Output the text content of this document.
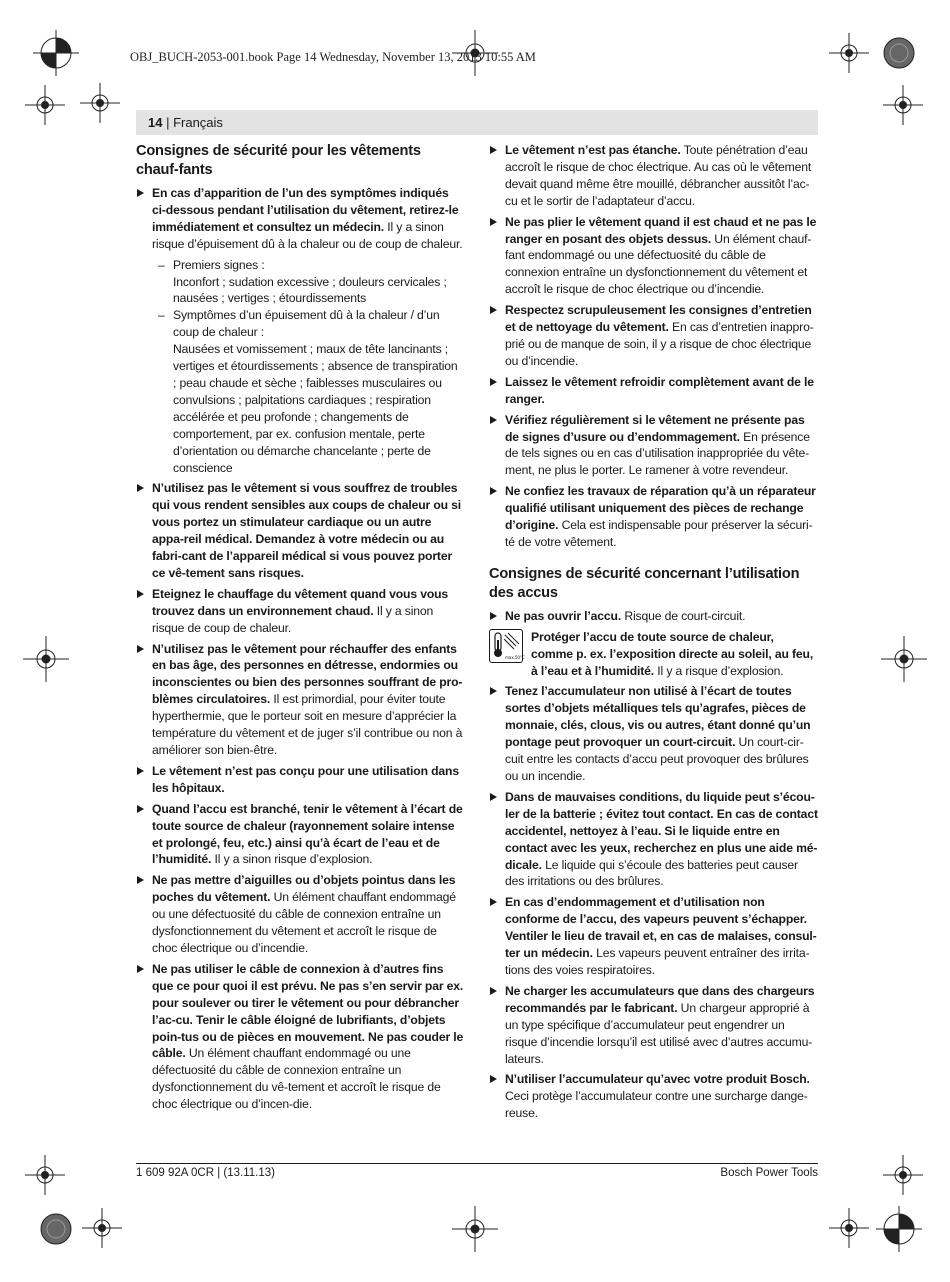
OBJ_BUCH-2053-001.book Page 14 Wednesday, November 13, 2013 10:55 AM
14 | Français
Consignes de sécurité pour les vêtements chauf-fants
En cas d’apparition de l’un des symptômes indiqués ci-dessous pendant l’utilisation du vêtement, retirez-le immédiatement et consultez un médecin. Il y a sinon risque d’épuisement dû à la chaleur ou de coup de chaleur.
– Premiers signes :
Inconfort ; sudation excessive ; douleurs cervicales ; nausées ; vertiges ; étourdissements
– Symptômes d’un épuisement dû à la chaleur / d’un coup de chaleur :
Nausées et vomissement ; maux de tête lancinants ; vertiges et étourdissements ; absence de transpiration ; peau chaude et sèche ; faiblesses musculaires ou convulsions ; palpitations cardiaques ; respiration accélérée et peu profonde ; changements de comportement, par ex. confusion mentale, perte d’orientation ou démarche chancelante ; perte de conscience
N’utilisez pas le vêtement si vous souffrez de troubles qui vous rendent sensibles aux coups de chaleur ou si vous portez un stimulateur cardiaque ou un autre appa-reil médical. Demandez à votre médecin ou au fabri-cant de l’appareil médical si vous pouvez porter ce vê-tement sans risques.
Eteignez le chauffage du vêtement quand vous vous trouvez dans un environnement chaud. Il y a sinon risque de coup de chaleur.
N’utilisez pas le vêtement pour réchauffer des enfants en bas âge, des personnes en détresse, endormies ou inconscientes ou bien des personnes souffrant de pro-blèmes circulatoires. Il est primordial, pour éviter toute hyperthermie, que le porteur soit en mesure d’apprécier la température du vêtement et de juger s’il contribue ou non à améliorer son bien-être.
Le vêtement n’est pas conçu pour une utilisation dans les hôpitaux.
Quand l’accu est branché, tenir le vêtement à l’écart de toute source de chaleur (rayonnement solaire intense et prolongé, feu, etc.) ainsi qu’à écart de l’eau et de l’humidité. Il y a sinon risque d’explosion.
Ne pas mettre d’aiguilles ou d’objets pointus dans les poches du vêtement. Un élément chauffant endommagé ou une défectuosité du câble de connexion entraîne un dysfonctionnement du vêtement et accroît le risque de choc électrique ou d’incendie.
Ne pas utiliser le câble de connexion à d’autres fins que ce pour quoi il est prévu. Ne pas s’en servir par ex. pour soulever ou tirer le vêtement ou pour débrancher l’ac-cu. Tenir le câble éloigné de lubrifiants, d’objets poin-tus ou de pièces en mouvement. Ne pas couder le câble. Un élément chauffant endommagé ou une défectuosité du câble de connexion entraîne un dysfonctionnement du vê-tement et accroît le risque de choc électrique ou d’incen-die.
Le vêtement n’est pas étanche. Toute pénétration d’eau accroît le risque de choc électrique. Au cas où le vêtement devait quand même être mouillé, débrancher aussitôt l’ac-cu et le sortir de l’adaptateur d’accu.
Ne pas plier le vêtement quand il est chaud et ne pas le ranger en posant des objets dessus. Un élément chauf-fant endommagé ou une défectuosité du câble de connexion entraîne un dysfonctionnement du vêtement et accroît le risque de choc électrique ou d’incendie.
Respectez scrupuleusement les consignes d’entretien et de nettoyage du vêtement. En cas d’entretien inappro-prié ou de manque de soin, il y a risque de choc électrique ou d’incendie.
Laissez le vêtement refroidir complètement avant de le ranger.
Vérifiez régulièrement si le vêtement ne présente pas de signes d’usure ou d’endommagement. En présence de tels signes ou en cas d’utilisation inappropriée du vête-ment, ne plus le porter. Le ramener à votre revendeur.
Ne confiez les travaux de réparation qu’à un réparateur qualifié utilisant uniquement des pièces de rechange d’origine. Cela est indispensable pour préserver la sécuri-té de votre vêtement.
Consignes de sécurité concernant l’utilisation des accus
Ne pas ouvrir l’accu. Risque de court-circuit.
max.50°C
Protéger l’accu de toute source de chaleur, comme p. ex. l’exposition directe au soleil, au feu, à l’eau et à l’humidité. Il y a risque d’explosion.
Tenez l’accumulateur non utilisé à l’écart de toutes sortes d’objets métalliques tels qu’agrafes, pièces de monnaie, clés, clous, vis ou autres, étant donné qu’un pontage peut provoquer un court-circuit. Un court-cir-cuit entre les contacts d’accu peut provoquer des brûlures ou un incendie.
Dans de mauvaises conditions, du liquide peut s’écou-ler de la batterie ; évitez tout contact. En cas de contact accidentel, nettoyez à l’eau. Si le liquide entre en contact avec les yeux, recherchez en plus une aide mé-dicale. Le liquide qui s’écoule des batteries peut causer des irritations ou des brûlures.
En cas d’endommagement et d’utilisation non conforme de l’accu, des vapeurs peuvent s’échapper. Ventiler le lieu de travail et, en cas de malaises, consul-ter un médecin. Les vapeurs peuvent entraîner des irrita-tions des voies respiratoires.
Ne charger les accumulateurs que dans des chargeurs recommandés par le fabricant. Un chargeur approprié à un type spécifique d’accumulateur peut engendrer un risque d’incendie lorsqu’il est utilisé avec d’autres accumu-lateurs.
N’utiliser l’accumulateur qu’avec votre produit Bosch. Ceci protège l’accumulateur contre une surcharge dange-reuse.
1 609 92A 0CR | (13.11.13)	Bosch Power Tools
